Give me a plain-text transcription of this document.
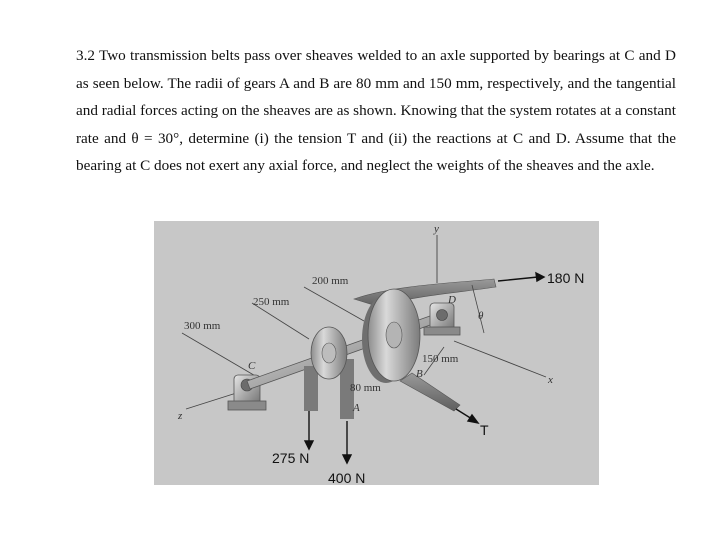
3.2 Two transmission belts pass over sheaves welded to an axle supported by bearings at C and D as seen below. The radii of gears A and B are 80 mm and 150 mm, respectively, and the tangential and radial forces acting on the sheaves are as shown. Knowing that the system rotates at a constant rate and θ = 30°, determine (i) the tension T and (ii) the reactions at C and D. Assume that the bearing at C does not exert any axial force, and neglect the weights of the sheaves and the axle.

300 mm
250 mm
200 mm
150 mm
80 mm
C
D
A
B
y
x
z
θ
180 N
275 N
400 N
T
